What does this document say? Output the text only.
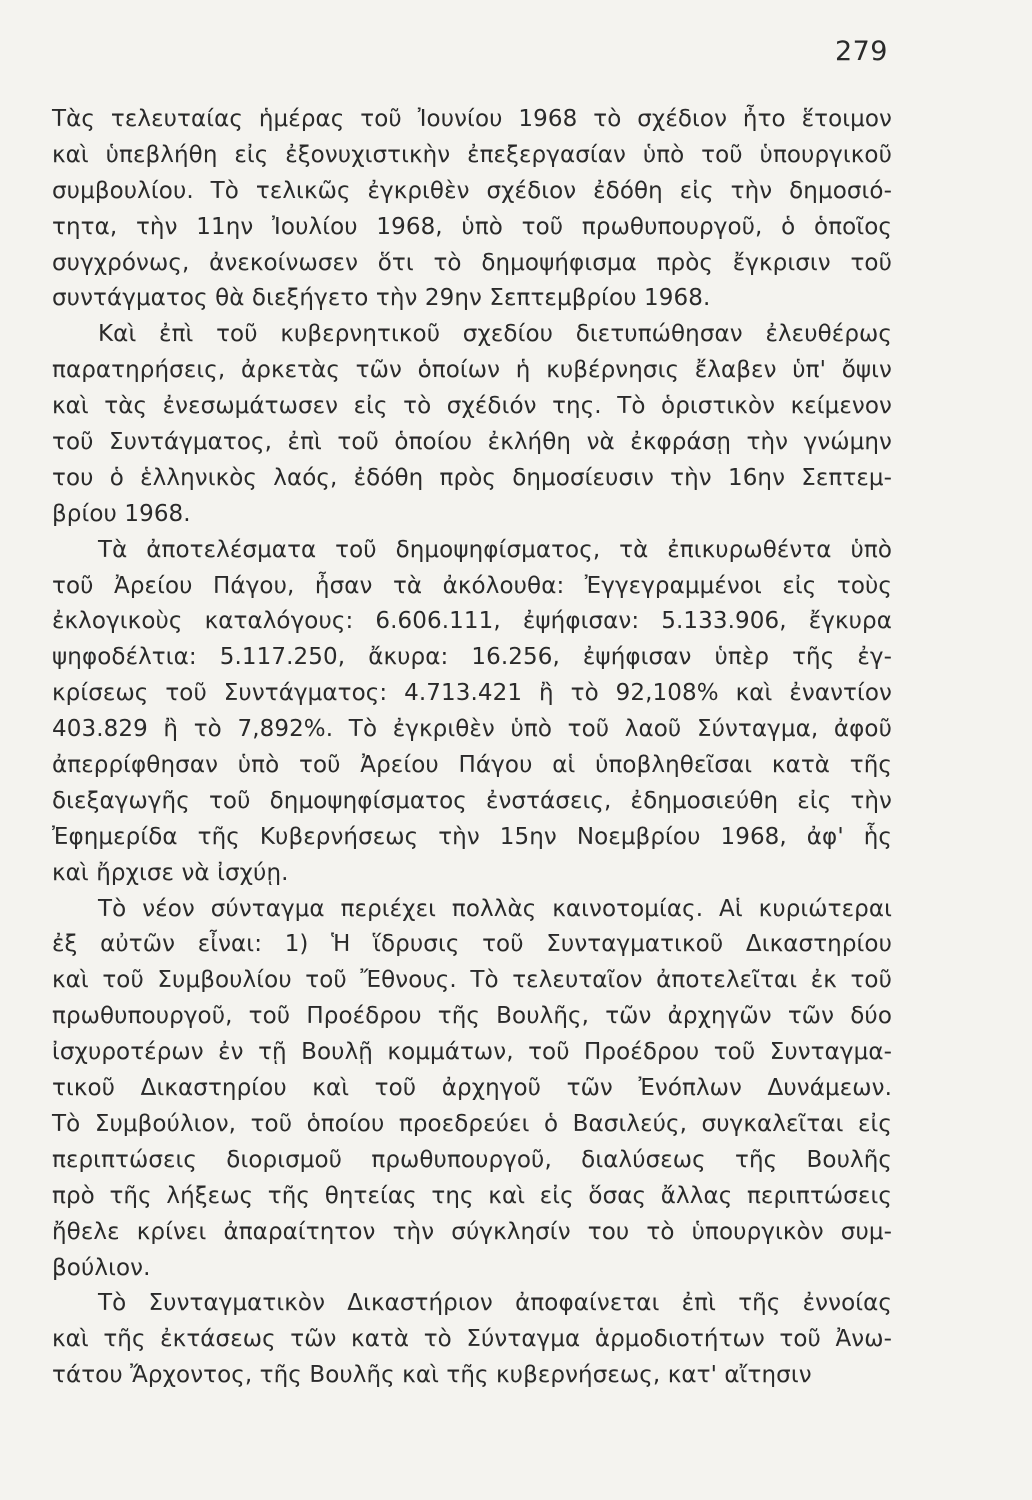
279
Τὰς τελευταίας ἡμέρας τοῦ Ἰουνίου 1968 τὸ σχέδιον ἦτο ἕτοιμον
καὶ ὑπεβλήθη εἰς ἐξονυχιστικὴν ἐπεξεργασίαν ὑπὸ τοῦ ὑπουργικοῦ
συμβουλίου. Τὸ τελικῶς ἐγκριθὲν σχέδιον ἐδόθη εἰς τὴν δημοσιό-
τητα, τὴν 11ην Ἰουλίου 1968, ὑπὸ τοῦ πρωθυπουργοῦ, ὁ ὁποῖος
συγχρόνως, ἀνεκοίνωσεν ὅτι τὸ δημοψήφισμα πρὸς ἔγκρισιν τοῦ
συντάγματος θὰ διεξήγετο τὴν 29ην Σεπτεμβρίου 1968.
Καὶ ἐπὶ τοῦ κυβερνητικοῦ σχεδίου διετυπώθησαν ἐλευθέρως
παρατηρήσεις, ἀρκετὰς τῶν ὁποίων ἡ κυβέρνησις ἔλαβεν ὑπ' ὄψιν
καὶ τὰς ἐνεσωμάτωσεν εἰς τὸ σχέδιόν της. Τὸ ὁριστικὸν κείμενον
τοῦ Συντάγματος, ἐπὶ τοῦ ὁποίου ἐκλήθη νὰ ἐκφράσῃ τὴν γνώμην
του ὁ ἑλληνικὸς λαός, ἐδόθη πρὸς δημοσίευσιν τὴν 16ην Σεπτεμ-
βρίου 1968.
Τὰ ἀποτελέσματα τοῦ δημοψηφίσματος, τὰ ἐπικυρωθέντα ὑπὸ
τοῦ Ἀρείου Πάγου, ἦσαν τὰ ἀκόλουθα: Ἐγγεγραμμένοι εἰς τοὺς
ἐκλογικοὺς καταλόγους: 6.606.111, ἐψήφισαν: 5.133.906, ἔγκυρα
ψηφοδέλτια: 5.117.250, ἄκυρα: 16.256, ἐψήφισαν ὑπὲρ τῆς ἐγ-
κρίσεως τοῦ Συντάγματος: 4.713.421 ἢ τὸ 92,108% καὶ ἐναντίον
403.829 ἢ τὸ 7,892%. Τὸ ἐγκριθὲν ὑπὸ τοῦ λαοῦ Σύνταγμα, ἀφοῦ
ἀπερρίφθησαν ὑπὸ τοῦ Ἀρείου Πάγου αἱ ὑποβληθεῖσαι κατὰ τῆς
διεξαγωγῆς τοῦ δημοψηφίσματος ἐνστάσεις, ἐδημοσιεύθη εἰς τὴν
Ἐφημερίδα τῆς Κυβερνήσεως τὴν 15ην Νοεμβρίου 1968, ἀφ' ἧς
καὶ ἤρχισε νὰ ἰσχύῃ.
Τὸ νέον σύνταγμα περιέχει πολλὰς καινοτομίας. Αἱ κυριώτεραι
ἐξ αὐτῶν εἶναι: 1) Ἡ ἵδρυσις τοῦ Συνταγματικοῦ Δικαστηρίου
καὶ τοῦ Συμβουλίου τοῦ Ἔθνους. Τὸ τελευταῖον ἀποτελεῖται ἐκ τοῦ
πρωθυπουργοῦ, τοῦ Προέδρου τῆς Βουλῆς, τῶν ἀρχηγῶν τῶν δύο
ἰσχυροτέρων ἐν τῇ Βουλῇ κομμάτων, τοῦ Προέδρου τοῦ Συνταγμα-
τικοῦ Δικαστηρίου καὶ τοῦ ἀρχηγοῦ τῶν Ἐνόπλων Δυνάμεων.
Τὸ Συμβούλιον, τοῦ ὁποίου προεδρεύει ὁ Βασιλεύς, συγκαλεῖται εἰς
περιπτώσεις διορισμοῦ πρωθυπουργοῦ, διαλύσεως τῆς Βουλῆς
πρὸ τῆς λήξεως τῆς θητείας της καὶ εἰς ὅσας ἄλλας περιπτώσεις
ἤθελε κρίνει ἀπαραίτητον τὴν σύγκλησίν του τὸ ὑπουργικὸν συμ-
βούλιον.
Τὸ Συνταγματικὸν Δικαστήριον ἀποφαίνεται ἐπὶ τῆς ἐννοίας
καὶ τῆς ἐκτάσεως τῶν κατὰ τὸ Σύνταγμα ἁρμοδιοτήτων τοῦ Ἀνω-
τάτου Ἄρχοντος, τῆς Βουλῆς καὶ τῆς κυβερνήσεως, κατ' αἴτησιν
